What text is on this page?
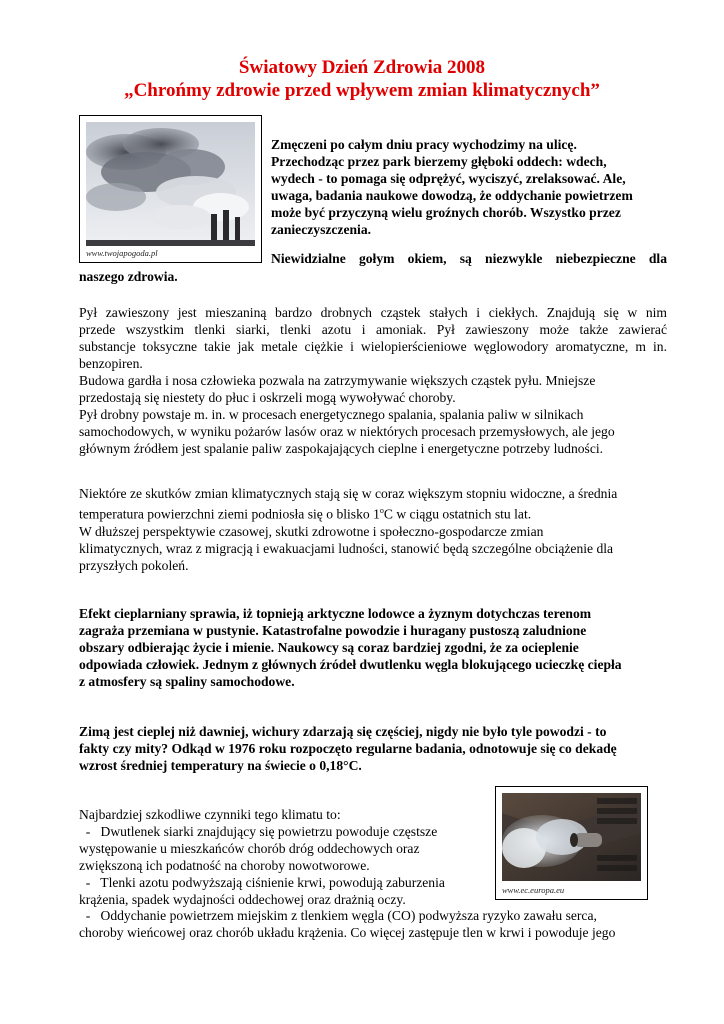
Światowy Dzień Zdrowia 2008
„Chrońmy zdrowie przed wpływem zmian klimatycznych”
www.twojapogoda.pl
Zmęczeni po całym dniu pracy wychodzimy na ulicę.
Przechodząc przez park bierzemy głęboki oddech: wdech,
wydech - to pomaga się odprężyć, wyciszyć, zrelaksować. Ale,
uwaga, badania naukowe dowodzą, że oddychanie powietrzem
może być przyczyną wielu groźnych chorób. Wszystko przez
zanieczyszczenia.
Niewidzialne gołym okiem, są niezwykle niebezpieczne dla
naszego zdrowia.
Pył zawieszony jest mieszaniną bardzo drobnych cząstek stałych i ciekłych. Znajdują się w nim
przede wszystkim tlenki siarki, tlenki azotu i amoniak. Pył zawieszony może także zawierać
substancje toksyczne takie jak metale ciężkie i wielopierścieniowe węglowodory aromatyczne, m in.
benzopiren.
Budowa gardła i nosa człowieka pozwala na zatrzymywanie większych cząstek pyłu. Mniejsze
przedostają się niestety do płuc i oskrzeli mogą wywoływać choroby.
Pył drobny powstaje m. in. w procesach energetycznego spalania, spalania paliw w silnikach
samochodowych, w wyniku pożarów lasów oraz w niektórych procesach przemysłowych, ale jego
głównym źródłem jest spalanie paliw zaspokajających cieplne i energetyczne potrzeby ludności.
Niektóre ze skutków zmian klimatycznych stają się w coraz większym stopniu widoczne, a średnia
temperatura powierzchni ziemi podniosła się o blisko 1$^o$C w ciągu ostatnich stu lat.
W dłuższej perspektywie czasowej, skutki zdrowotne i społeczno-gospodarcze zmian
klimatycznych, wraz z migracją i ewakuacjami ludności, stanowić będą szczególne obciążenie dla
przyszłych pokoleń.
Efekt cieplarniany sprawia, iż topnieją arktyczne lodowce a żyznym dotychczas terenom
zagraża przemiana w pustynie. Katastrofalne powodzie i huragany pustoszą zaludnione
obszary odbierając życie i mienie. Naukowcy są coraz bardziej zgodni, że za ocieplenie
odpowiada człowiek. Jednym z głównych źródeł dwutlenku węgla blokującego ucieczkę ciepła
z atmosfery są spaliny samochodowe.
Zimą jest cieplej niż dawniej, wichury zdarzają się częściej, nigdy nie było tyle powodzi - to
fakty czy mity? Odkąd w 1976 roku rozpoczęto regularne badania, odnotowuje się co dekadę
wzrost średniej temperatury na świecie o 0,18°C.
www.ec.europa.eu
Najbardziej szkodliwe czynniki tego klimatu to:
-   Dwutlenek siarki znajdujący się powietrzu powoduje częstsze
występowanie u mieszkańców chorób dróg oddechowych oraz
zwiększoną ich podatność na choroby nowotworowe.
-   Tlenki azotu podwyższają ciśnienie krwi, powodują zaburzenia
krążenia, spadek wydajności oddechowej oraz drażnią oczy.
-   Oddychanie powietrzem miejskim z tlenkiem węgla (CO) podwyższa ryzyko zawału serca,
choroby wieńcowej oraz chorób układu krążenia. Co więcej zastępuje tlen w krwi i powoduje jego
